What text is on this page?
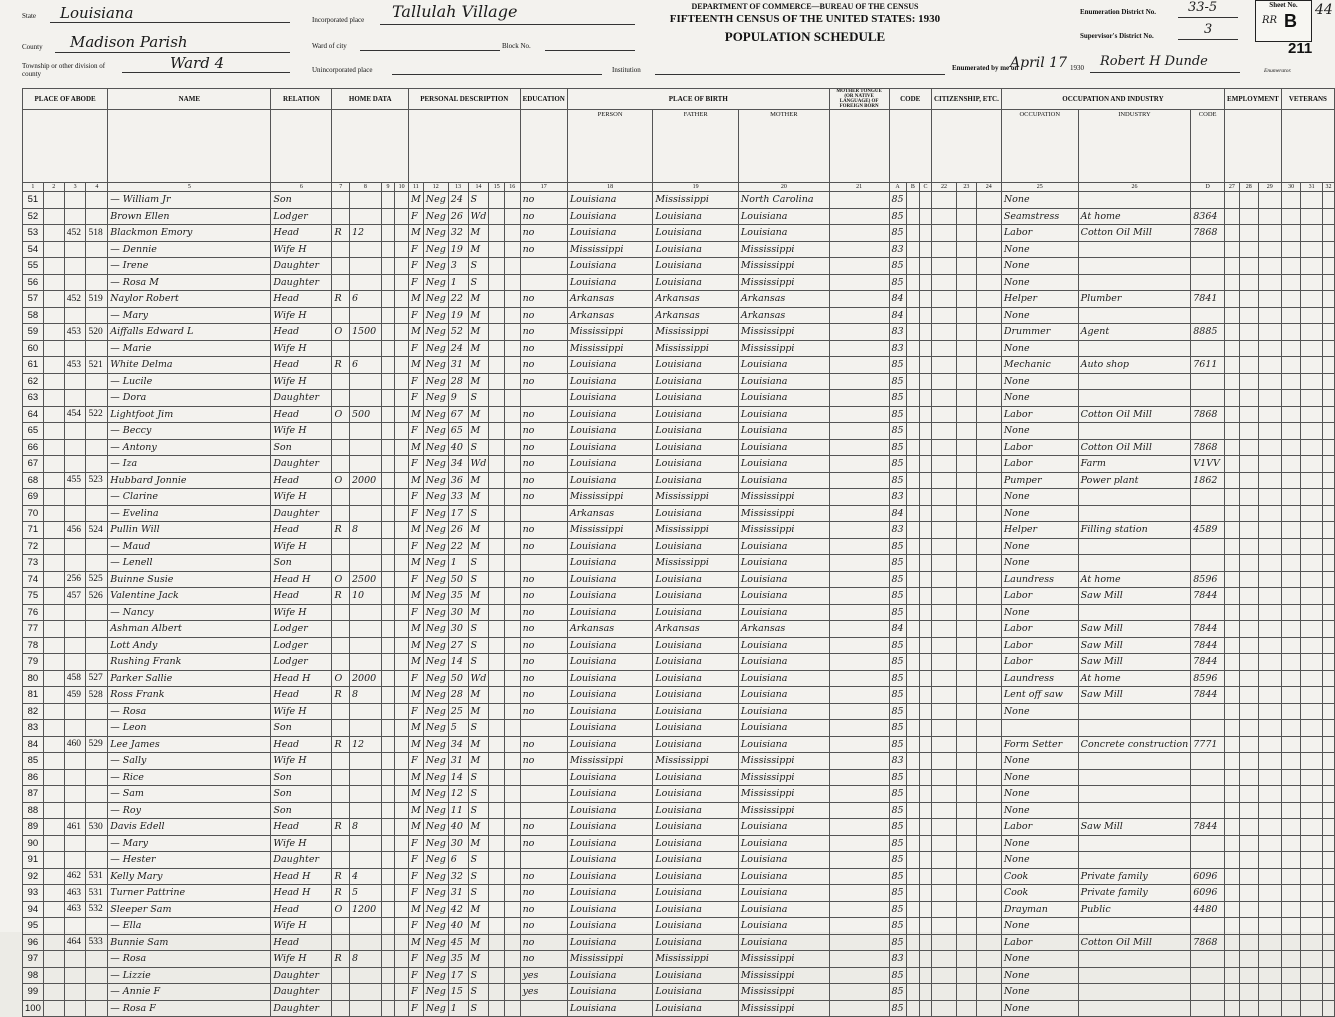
State Louisiana
County Madison Parish
Township or other division of county
Ward 4
Incorporated place Tallulah Village
Ward of city	Block No.
Unincorporated place	Institution
DEPARTMENT OF COMMERCE—BUREAU OF THE CENSUS
FIFTEENTH CENSUS OF THE UNITED STATES: 1930
POPULATION SCHEDULE
Enumeration District No. 33-5
Supervisor's District No.	3
Enumerated by me on
April 17 1930 Robert H Dunde
Enumerator.
Sheet No.
RR B
211
44
PLACE OF ABODE				NAME	RELATION	HOME DATA				PERSONAL DESCRIPTION						EDUCATION	PLACE OF BIRTH			MOTHER TONGUE (OR NATIVE LANGUAGE) OF FOREIGN BORN	CODE			CITIZENSHIP, ETC.			OCCUPATION AND INDUSTRY			EMPLOYMENT			VETERANS		
																	PERSON	FATHER	MOTHER								OCCUPATION	INDUSTRY	CODE						
1	2	3	4	5	6	7	8	9	10	11	12	13	14	15	16	17	18	19	20	21	A	B	C	22	23	24	25	26	D	27	28	29	30	31	32
51				— William Jr	Son					M	Neg	24	S			no	Louisiana	Mississippi	North Carolina		85						None								
52				Brown Ellen	Lodger					F	Neg	26	Wd			no	Louisiana	Louisiana	Louisiana		85						Seamstress	At home	8364						
53		452	518	Blackmon Emory	Head	R	12			M	Neg	32	M			no	Louisiana	Louisiana	Louisiana		85						Labor	Cotton Oil Mill	7868						
54				— Dennie	Wife H					F	Neg	19	M			no	Mississippi	Louisiana	Mississippi		83						None								
55				— Irene	Daughter					F	Neg	3	S				Louisiana	Louisiana	Mississippi		85						None								
56				— Rosa M	Daughter					F	Neg	1	S				Louisiana	Louisiana	Mississippi		85						None								
57		452	519	Naylor Robert	Head	R	6			M	Neg	22	M			no	Arkansas	Arkansas	Arkansas		84						Helper	Plumber	7841						
58				— Mary	Wife H					F	Neg	19	M			no	Arkansas	Arkansas	Arkansas		84						None								
59		453	520	Aiffalls Edward L	Head	O	1500			M	Neg	52	M			no	Mississippi	Mississippi	Mississippi		83						Drummer	Agent	8885						
60				— Marie	Wife H					F	Neg	24	M			no	Mississippi	Mississippi	Mississippi		83						None								
61		453	521	White Delma	Head	R	6			M	Neg	31	M			no	Louisiana	Louisiana	Louisiana		85						Mechanic	Auto shop	7611						
62				— Lucile	Wife H					F	Neg	28	M			no	Louisiana	Louisiana	Louisiana		85						None								
63				— Dora	Daughter					F	Neg	9	S				Louisiana	Louisiana	Louisiana		85						None								
64		454	522	Lightfoot Jim	Head	O	500			M	Neg	67	M			no	Louisiana	Louisiana	Louisiana		85						Labor	Cotton Oil Mill	7868						
65				— Beccy	Wife H					F	Neg	65	M			no	Louisiana	Louisiana	Louisiana		85						None								
66				— Antony	Son					M	Neg	40	S			no	Louisiana	Louisiana	Louisiana		85						Labor	Cotton Oil Mill	7868						
67				— Iza	Daughter					F	Neg	34	Wd			no	Louisiana	Louisiana	Louisiana		85						Labor	Farm	V1VV						
68		455	523	Hubbard Jonnie	Head	O	2000			M	Neg	36	M			no	Louisiana	Louisiana	Louisiana		85						Pumper	Power plant	1862						
69				— Clarine	Wife H					F	Neg	33	M			no	Mississippi	Mississippi	Mississippi		83						None								
70				— Evelina	Daughter					F	Neg	17	S				Arkansas	Louisiana	Mississippi		84						None								
71		456	524	Pullin Will	Head	R	8			M	Neg	26	M			no	Mississippi	Mississippi	Mississippi		83						Helper	Filling station	4589						
72				— Maud	Wife H					F	Neg	22	M			no	Louisiana	Louisiana	Louisiana		85						None								
73				— Lenell	Son					M	Neg	1	S				Louisiana	Mississippi	Louisiana		85						None								
74		256	525	Buinne Susie	Head H	O	2500			F	Neg	50	S			no	Louisiana	Louisiana	Louisiana		85						Laundress	At home	8596						
75		457	526	Valentine Jack	Head	R	10			M	Neg	35	M			no	Louisiana	Louisiana	Louisiana		85						Labor	Saw Mill	7844						
76				— Nancy	Wife H					F	Neg	30	M			no	Louisiana	Louisiana	Louisiana		85						None								
77				Ashman Albert	Lodger					M	Neg	30	S			no	Arkansas	Arkansas	Arkansas		84						Labor	Saw Mill	7844						
78				Lott Andy	Lodger					M	Neg	27	S			no	Louisiana	Louisiana	Louisiana		85						Labor	Saw Mill	7844						
79				Rushing Frank	Lodger					M	Neg	14	S			no	Louisiana	Louisiana	Louisiana		85						Labor	Saw Mill	7844						
80		458	527	Parker Sallie	Head H	O	2000			F	Neg	50	Wd			no	Louisiana	Louisiana	Louisiana		85						Laundress	At home	8596						
81		459	528	Ross Frank	Head	R	8			M	Neg	28	M			no	Louisiana	Louisiana	Louisiana		85						Lent off saw	Saw Mill	7844						
82				— Rosa	Wife H					F	Neg	25	M			no	Louisiana	Louisiana	Louisiana		85						None								
83				— Leon	Son					M	Neg	5	S				Louisiana	Louisiana	Louisiana		85														
84		460	529	Lee James	Head	R	12			M	Neg	34	M			no	Louisiana	Louisiana	Louisiana		85						Form Setter	Concrete construction	7771						
85				— Sally	Wife H					F	Neg	31	M			no	Mississippi	Mississippi	Mississippi		83						None								
86				— Rice	Son					M	Neg	14	S				Louisiana	Louisiana	Mississippi		85						None								
87				— Sam	Son					M	Neg	12	S				Louisiana	Louisiana	Mississippi		85						None								
88				— Roy	Son					M	Neg	11	S				Louisiana	Louisiana	Mississippi		85						None								
89		461	530	Davis Edell	Head	R	8			M	Neg	40	M			no	Louisiana	Louisiana	Louisiana		85						Labor	Saw Mill	7844						
90				— Mary	Wife H					F	Neg	30	M			no	Louisiana	Louisiana	Louisiana		85						None								
91				— Hester	Daughter					F	Neg	6	S				Louisiana	Louisiana	Louisiana		85						None								
92		462	531	Kelly Mary	Head H	R	4			F	Neg	32	S			no	Louisiana	Louisiana	Louisiana		85						Cook	Private family	6096						
93		463	531	Turner Pattrine	Head H	R	5			F	Neg	31	S			no	Louisiana	Louisiana	Louisiana		85						Cook	Private family	6096						
94		463	532	Sleeper Sam	Head	O	1200			M	Neg	42	M			no	Louisiana	Louisiana	Louisiana		85						Drayman	Public	4480						
95				— Ella	Wife H					F	Neg	40	M			no	Louisiana	Louisiana	Louisiana		85						None								
96		464	533	Bunnie Sam	Head					M	Neg	45	M			no	Louisiana	Louisiana	Louisiana		85						Labor	Cotton Oil Mill	7868						
97				— Rosa	Wife H	R	8			F	Neg	35	M			no	Mississippi	Mississippi	Mississippi		83						None								
98				— Lizzie	Daughter					F	Neg	17	S			yes	Louisiana	Louisiana	Mississippi		85						None								
99				— Annie F	Daughter					F	Neg	15	S			yes	Louisiana	Louisiana	Mississippi		85						None								
100				— Rosa F	Daughter					F	Neg	1	S				Louisiana	Louisiana	Mississippi		85						None								
